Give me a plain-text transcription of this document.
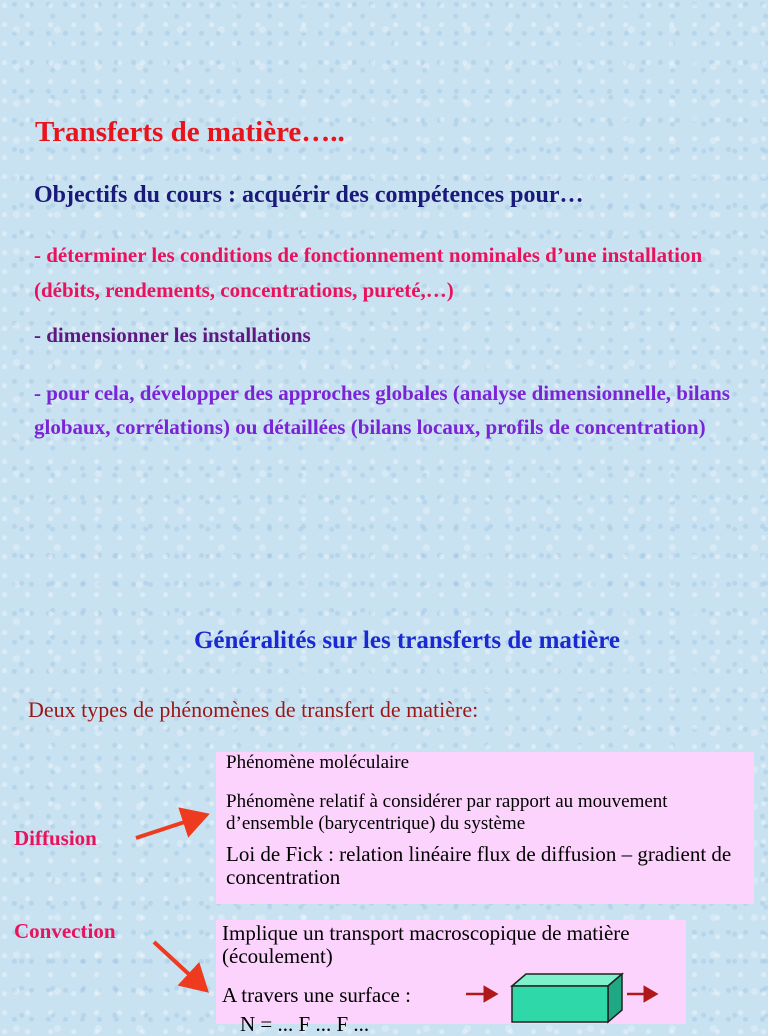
Transferts de matière…..

Objectifs du cours : acquérir des compétences pour…

- déterminer les conditions de fonctionnement nominales d’une installation (débits, rendements, concentrations, pureté,…)

- dimensionner les installations

- pour cela, développer des approches globales (analyse dimensionnelle, bilans globaux, corrélations) ou détaillées (bilans locaux, profils de concentration)

Généralités sur les transferts de matière

Deux types de phénomènes de transfert de matière:

Diffusion
Phénomène moléculaire
Phénomène relatif à considérer par rapport au mouvement d’ensemble (barycentrique) du système
Loi de Fick : relation linéaire flux de diffusion – gradient de concentration
Convection	Implique un transport macroscopique de matière (écoulement)
A travers une surface :
N = ... F ... F ...
